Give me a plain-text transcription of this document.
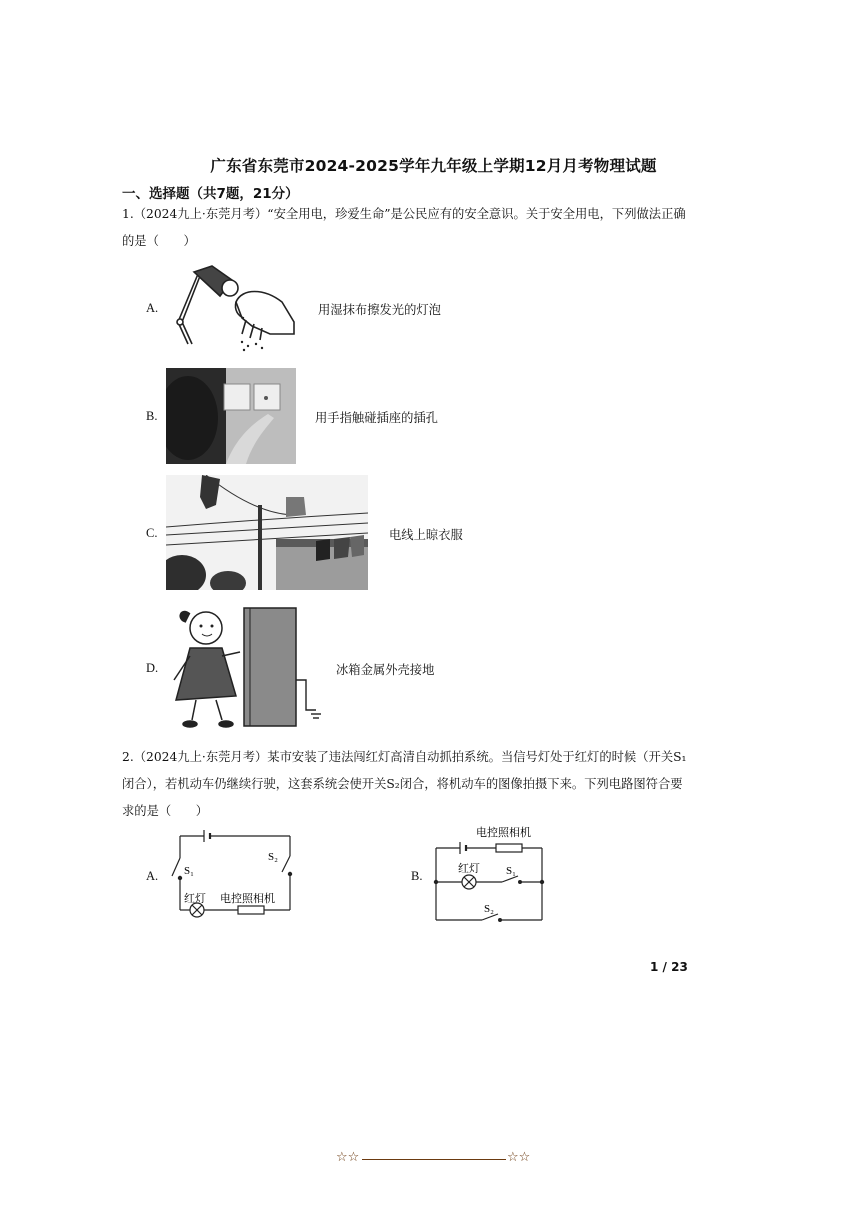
广东省东莞市2024-2025学年九年级上学期12月月考物理试题
一、选择题（共7题，21分）
1.（2024九上·东莞月考）“安全用电，珍爱生命”是公民应有的安全意识。关于安全用电，下列做法正确的是（　　）
A.	用湿抹布擦发光的灯泡
B.	用手指触碰插座的插孔
C.	电线上晾衣服
D.	冰箱金属外壳接地
2.（2024九上·东莞月考）某市安装了违法闯红灯高清自动抓拍系统。当信号灯处于红灯的时候（开关S₁闭合），若机动车仍继续行驶，这套系统会使开关S₂闭合，将机动车的图像拍摄下来。下列电路图符合要求的是（　　）
A. S₁
S₂
红灯 电控照相机
B.
电控照相机
红灯 S₁
S₂
1 / 23
☆☆	☆☆
